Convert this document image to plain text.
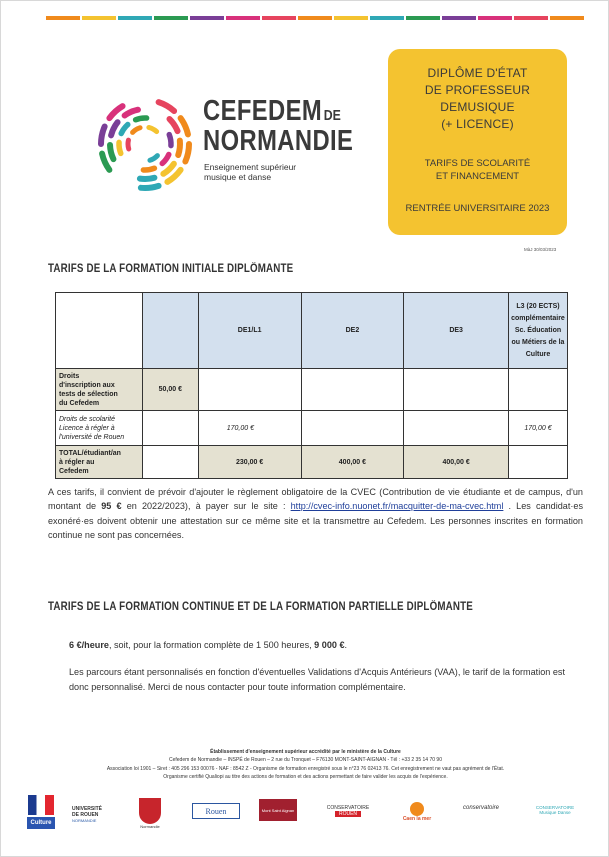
CEFEDEM DE
NORMANDIE
Enseignement supérieur
musique et danse
DIPLÔME D'ÉTAT
DE PROFESSEUR
DEMUSIQUE
(+ LICENCE)
TARIFS DE SCOLARITÉ
ET FINANCEMENT
RENTRÉE UNIVERSITAIRE 2023
MàJ 30/03/2023
TARIFS DE LA FORMATION INITIALE DIPLÔMANTE
		DE1/L1	DE2	DE3	L3 (20 ECTS)
complémentaire
Sc. Éducation
ou Métiers de la
Culture

Droits
d'inscription aux
tests de sélection
du Cefedem	50,00 €				

Droits de scolarité
Licence à régler à
l'université de Rouen		170,00 €			170,00 €

TOTAL/étudiant/an
à régler au
Cefedem		230,00 €	400,00 €	400,00 €	
A ces tarifs, il convient de prévoir d'ajouter le règlement obligatoire de la CVEC (Contribution de vie étudiante et de campus, d'un montant de 95 € en 2022/2023), à payer sur le site : http://cvec-info.nuonet.fr/macquitter-de-ma-cvec.html . Les candidat·es exonéré·es doivent obtenir une attestation sur ce même site et la transmettre au Cefedem. Les personnes inscrites en formation continue ne sont pas concernées.
TARIFS DE LA FORMATION CONTINUE ET DE LA FORMATION PARTIELLE DIPLÔMANTE
6 €/heure, soit, pour la formation complète de 1 500 heures, 9 000 €.
Les parcours étant personnalisés en fonction d'éventuelles Validations d'Acquis Antérieurs (VAA), le tarif de la formation est donc personnalisé. Merci de nous contacter pour toute information complémentaire.
Établissement d'enseignement supérieur accrédité par le ministère de la Culture
Cefedem de Normandie – INSPÉ de Rouen – 2 rue du Tronquet – F76130 MONT-SAINT-AIGNAN - Tél : +33 2 35 14 70 90
Association loi 1901 – Siret : 405 296 153 00076 - NAF : 8542 Z - Organisme de formation enregistré sous le n°23 76 02413 76. Cet enregistrement ne vaut pas agrément de l'État.
Organisme certifié Qualiopi au titre des actions de formation et des actions permettant de faire valider les acquis de l'expérience.
Culture
UNIVERSITÉ
DE ROUEN
NORMANDIE
Normandie
Rouen	Mont Saint Aignan	CONSERVATOIRE
ROUEN
Caen la mer
conservatoire	CONSERVATOIRE
Musique Danse
